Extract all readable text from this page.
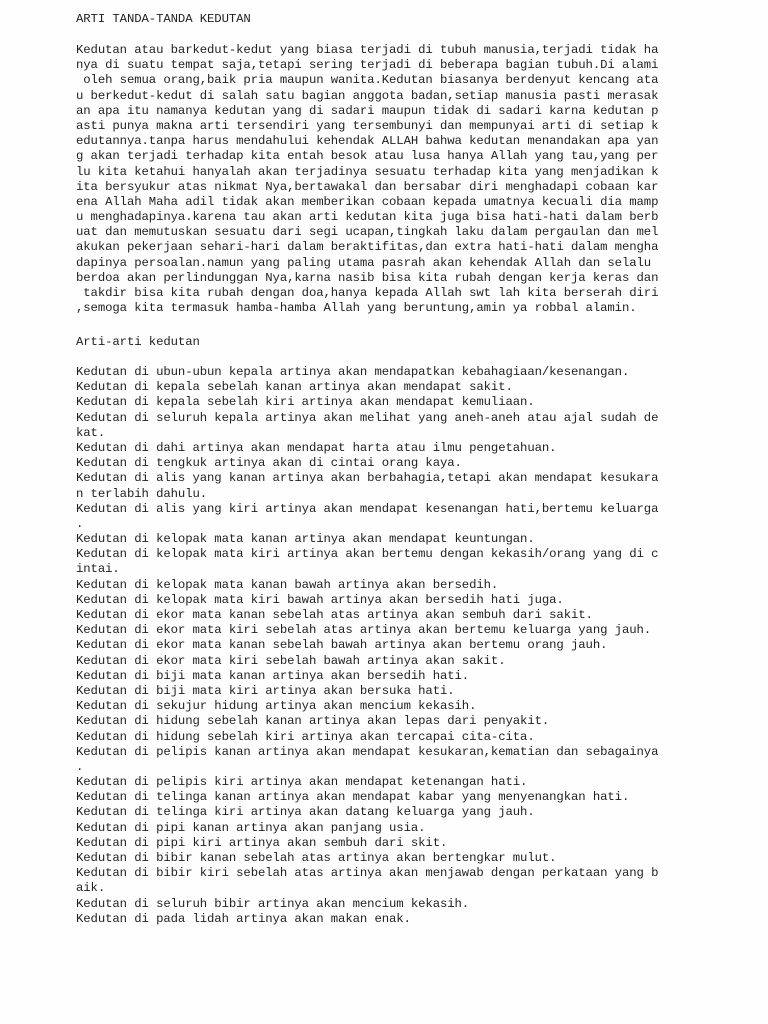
ARTI TANDA-TANDA KEDUTAN
Kedutan atau barkedut-kedut yang biasa terjadi di tubuh manusia,terjadi tidak ha
nya di suatu tempat saja,tetapi sering terjadi di beberapa bagian tubuh.Di alami
oleh semua orang,baik pria maupun wanita.Kedutan biasanya berdenyut kencang ata
u berkedut-kedut di salah satu bagian anggota badan,setiap manusia pasti merasak
an apa itu namanya kedutan yang di sadari maupun tidak di sadari karna kedutan p
asti punya makna arti tersendiri yang tersembunyi dan mempunyai arti di setiap k
edutannya.tanpa harus mendahului kehendak ALLAH bahwa kedutan menandakan apa yan
g akan terjadi terhadap kita entah besok atau lusa hanya Allah yang tau,yang per
lu kita ketahui hanyalah akan terjadinya sesuatu terhadap kita yang menjadikan k
ita bersyukur atas nikmat Nya,bertawakal dan bersabar diri menghadapi cobaan kar
ena Allah Maha adil tidak akan memberikan cobaan kepada umatnya kecuali dia mamp
u menghadapinya.karena tau akan arti kedutan kita juga bisa hati-hati dalam berb
uat dan memutuskan sesuatu dari segi ucapan,tingkah laku dalam pergaulan dan mel
akukan pekerjaan sehari-hari dalam beraktifitas,dan extra hati-hati dalam mengha
dapinya persoalan.namun yang paling utama pasrah akan kehendak Allah dan selalu
berdoa akan perlindunggan Nya,karna nasib bisa kita rubah dengan kerja keras dan
takdir bisa kita rubah dengan doa,hanya kepada Allah swt lah kita berserah diri
,semoga kita termasuk hamba-hamba Allah yang beruntung,amin ya robbal alamin.
Arti-arti kedutan
Kedutan di ubun-ubun kepala artinya akan mendapatkan kebahagiaan/kesenangan.
Kedutan di kepala sebelah kanan artinya akan mendapat sakit.
Kedutan di kepala sebelah kiri artinya akan mendapat kemuliaan.
Kedutan di seluruh kepala artinya akan melihat yang aneh-aneh atau ajal sudah de
kat.
Kedutan di dahi artinya akan mendapat harta atau ilmu pengetahuan.
Kedutan di tengkuk artinya akan di cintai orang kaya.
Kedutan di alis yang kanan artinya akan berbahagia,tetapi akan mendapat kesukara
n terlabih dahulu.
Kedutan di alis yang kiri artinya akan mendapat kesenangan hati,bertemu keluarga
.
Kedutan di kelopak mata kanan artinya akan mendapat keuntungan.
Kedutan di kelopak mata kiri artinya akan bertemu dengan kekasih/orang yang di c
intai.
Kedutan di kelopak mata kanan bawah artinya akan bersedih.
Kedutan di kelopak mata kiri bawah artinya akan bersedih hati juga.
Kedutan di ekor mata kanan sebelah atas artinya akan sembuh dari sakit.
Kedutan di ekor mata kiri sebelah atas artinya akan bertemu keluarga yang jauh.
Kedutan di ekor mata kanan sebelah bawah artinya akan bertemu orang jauh.
Kedutan di ekor mata kiri sebelah bawah artinya akan sakit.
Kedutan di biji mata kanan artinya akan bersedih hati.
Kedutan di biji mata kiri artinya akan bersuka hati.
Kedutan di sekujur hidung artinya akan mencium kekasih.
Kedutan di hidung sebelah kanan artinya akan lepas dari penyakit.
Kedutan di hidung sebelah kiri artinya akan tercapai cita-cita.
Kedutan di pelipis kanan artinya akan mendapat kesukaran,kematian dan sebagainya
.
Kedutan di pelipis kiri artinya akan mendapat ketenangan hati.
Kedutan di telinga kanan artinya akan mendapat kabar yang menyenangkan hati.
Kedutan di telinga kiri artinya akan datang keluarga yang jauh.
Kedutan di pipi kanan artinya akan panjang usia.
Kedutan di pipi kiri artinya akan sembuh dari skit.
Kedutan di bibir kanan sebelah atas artinya akan bertengkar mulut.
Kedutan di bibir kiri sebelah atas artinya akan menjawab dengan perkataan yang b
aik.
Kedutan di seluruh bibir artinya akan mencium kekasih.
Kedutan di pada lidah artinya akan makan enak.
